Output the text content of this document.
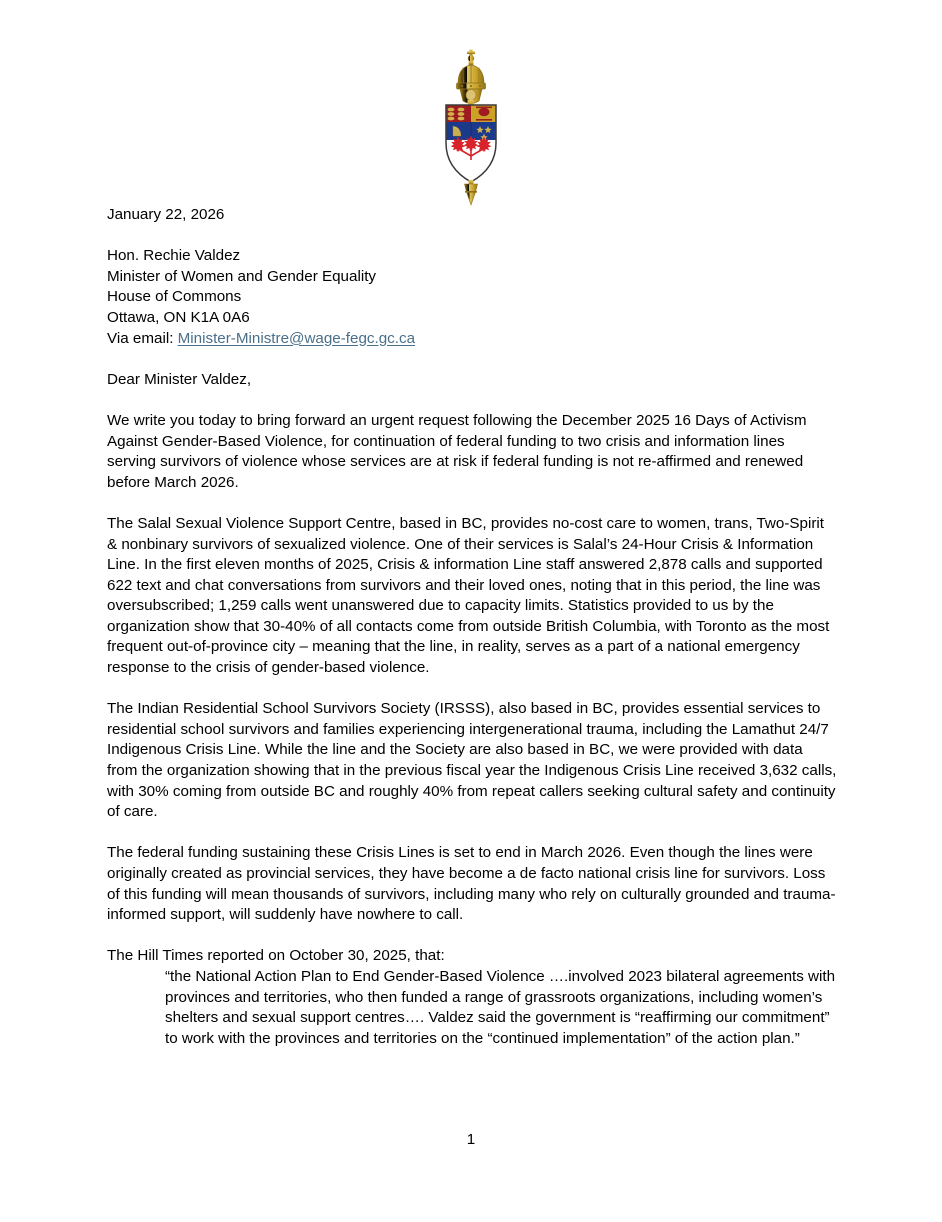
January 22, 2026
Hon. Rechie Valdez
Minister of Women and Gender Equality
House of Commons
Ottawa, ON K1A 0A6
Via email: Minister-Ministre@wage-fegc.gc.ca
Dear Minister Valdez,

We write you today to bring forward an urgent request following the December 2025 16 Days of Activism Against Gender-Based Violence, for continuation of federal funding to two crisis and information lines serving survivors of violence whose services are at risk if federal funding is not re-affirmed and renewed before March 2026.

The Salal Sexual Violence Support Centre, based in BC, provides no-cost care to women, trans, Two-Spirit & nonbinary survivors of sexualized violence. One of their services is Salal’s 24-Hour Crisis & Information Line. In the first eleven months of 2025, Crisis & information Line staff answered 2,878 calls and supported 622 text and chat conversations from survivors and their loved ones, noting that in this period, the line was oversubscribed; 1,259 calls went unanswered due to capacity limits. Statistics provided to us by the organization show that 30-40% of all contacts come from outside British Columbia, with Toronto as the most frequent out-of-province city – meaning that the line, in reality, serves as a part of a national emergency response to the crisis of gender-based violence.

The Indian Residential School Survivors Society (IRSSS), also based in BC, provides essential services to residential school survivors and families experiencing intergenerational trauma, including the Lamathut 24/7 Indigenous Crisis Line. While the line and the Society are also based in BC, we were provided with data from the organization showing that in the previous fiscal year the Indigenous Crisis Line received 3,632 calls, with 30% coming from outside BC and roughly 40% from repeat callers seeking cultural safety and continuity of care.

The federal funding sustaining these Crisis Lines is set to end in March 2026. Even though the lines were originally created as provincial services, they have become a de facto national crisis line for survivors. Loss of this funding will mean thousands of survivors, including many who rely on culturally grounded and trauma-informed support, will suddenly have nowhere to call.

The Hill Times reported on October 30, 2025, that:

“the National Action Plan to End Gender-Based Violence ….involved 2023 bilateral agreements with provinces and territories, who then funded a range of grassroots organizations, including women’s shelters and sexual support centres…. Valdez said the government is “reaffirming our commitment” to work with the provinces and territories on the “continued implementation” of the action plan.”

1
